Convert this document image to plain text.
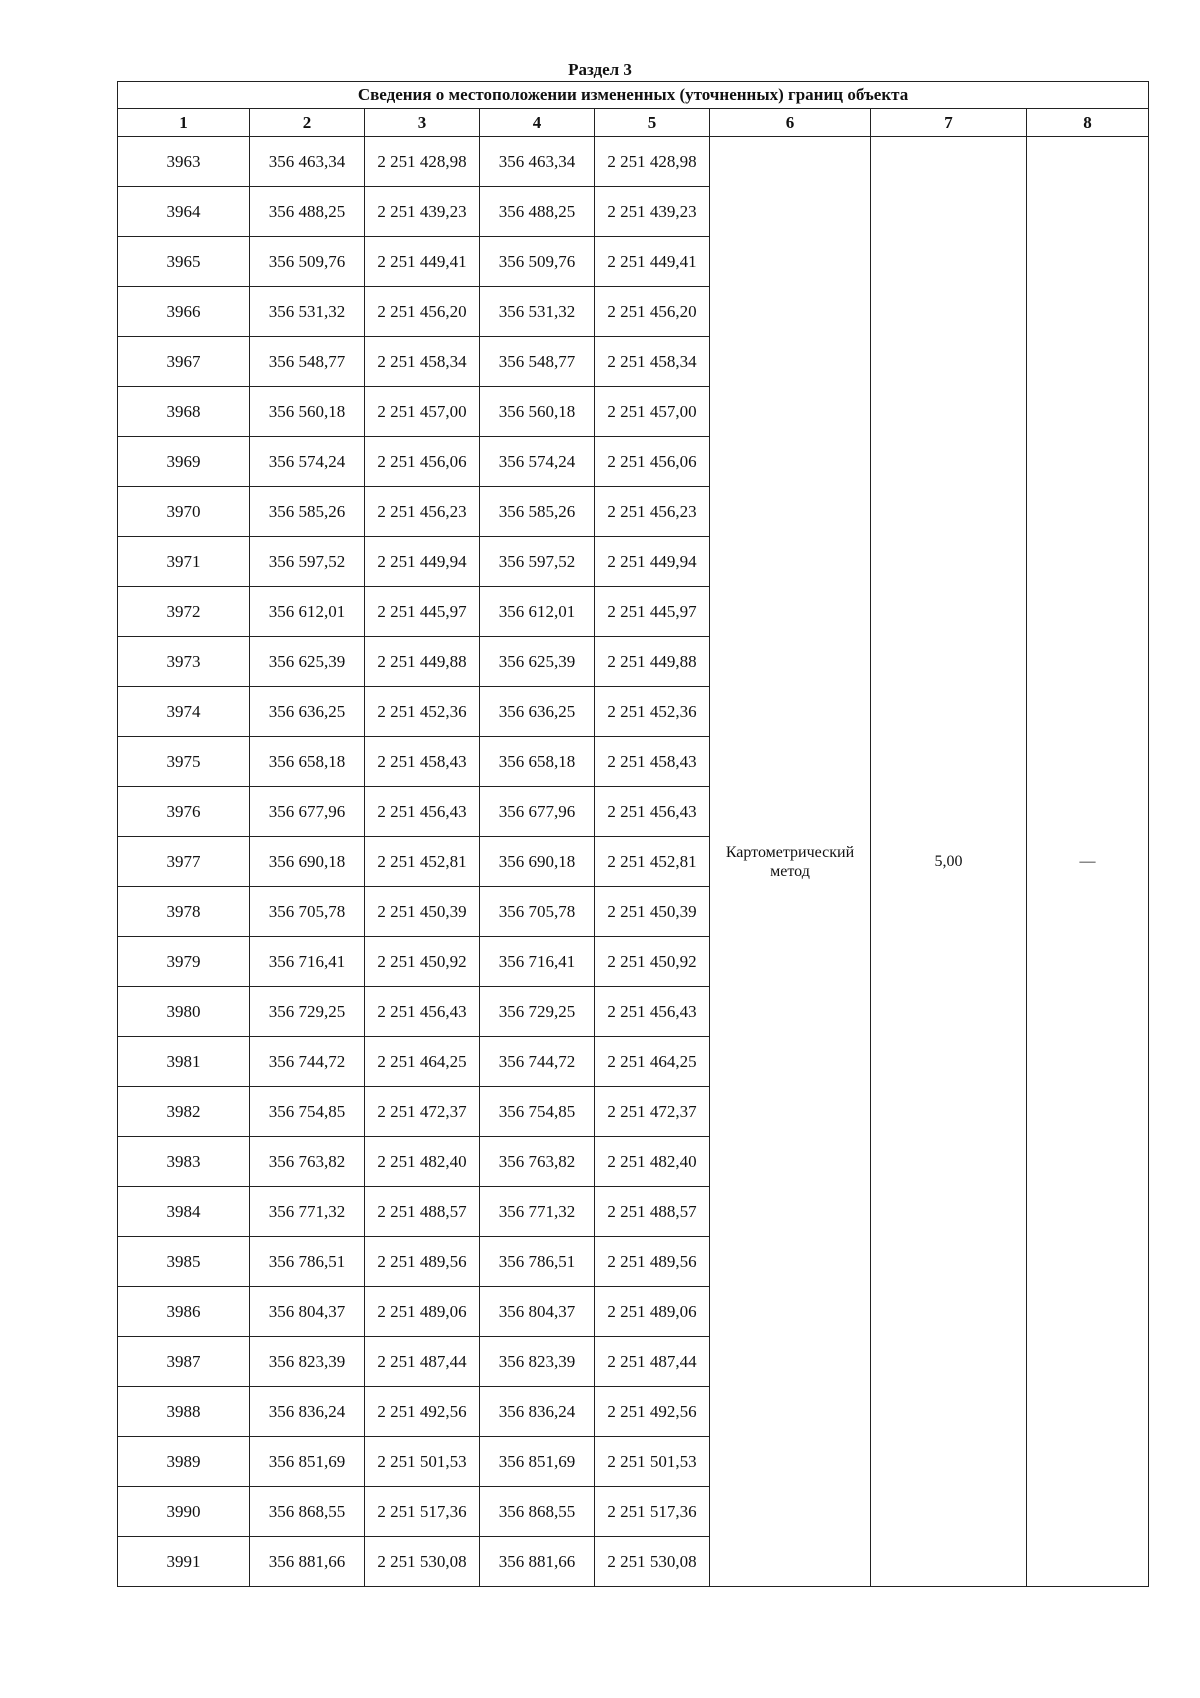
Раздел 3
Сведения о местоположении измененных (уточненных) границ объекта							
1	2	3	4	5	6	7	8
3963	356 463,34	2 251 428,98	356 463,34	2 251 428,98	Картометрический метод	5,00	—
3964	356 488,25	2 251 439,23	356 488,25	2 251 439,23			
3965	356 509,76	2 251 449,41	356 509,76	2 251 449,41			
3966	356 531,32	2 251 456,20	356 531,32	2 251 456,20			
3967	356 548,77	2 251 458,34	356 548,77	2 251 458,34			
3968	356 560,18	2 251 457,00	356 560,18	2 251 457,00			
3969	356 574,24	2 251 456,06	356 574,24	2 251 456,06			
3970	356 585,26	2 251 456,23	356 585,26	2 251 456,23			
3971	356 597,52	2 251 449,94	356 597,52	2 251 449,94			
3972	356 612,01	2 251 445,97	356 612,01	2 251 445,97			
3973	356 625,39	2 251 449,88	356 625,39	2 251 449,88			
3974	356 636,25	2 251 452,36	356 636,25	2 251 452,36			
3975	356 658,18	2 251 458,43	356 658,18	2 251 458,43			
3976	356 677,96	2 251 456,43	356 677,96	2 251 456,43			
3977	356 690,18	2 251 452,81	356 690,18	2 251 452,81			
3978	356 705,78	2 251 450,39	356 705,78	2 251 450,39			
3979	356 716,41	2 251 450,92	356 716,41	2 251 450,92			
3980	356 729,25	2 251 456,43	356 729,25	2 251 456,43			
3981	356 744,72	2 251 464,25	356 744,72	2 251 464,25			
3982	356 754,85	2 251 472,37	356 754,85	2 251 472,37			
3983	356 763,82	2 251 482,40	356 763,82	2 251 482,40			
3984	356 771,32	2 251 488,57	356 771,32	2 251 488,57			
3985	356 786,51	2 251 489,56	356 786,51	2 251 489,56			
3986	356 804,37	2 251 489,06	356 804,37	2 251 489,06			
3987	356 823,39	2 251 487,44	356 823,39	2 251 487,44			
3988	356 836,24	2 251 492,56	356 836,24	2 251 492,56			
3989	356 851,69	2 251 501,53	356 851,69	2 251 501,53			
3990	356 868,55	2 251 517,36	356 868,55	2 251 517,36			
3991	356 881,66	2 251 530,08	356 881,66	2 251 530,08			
